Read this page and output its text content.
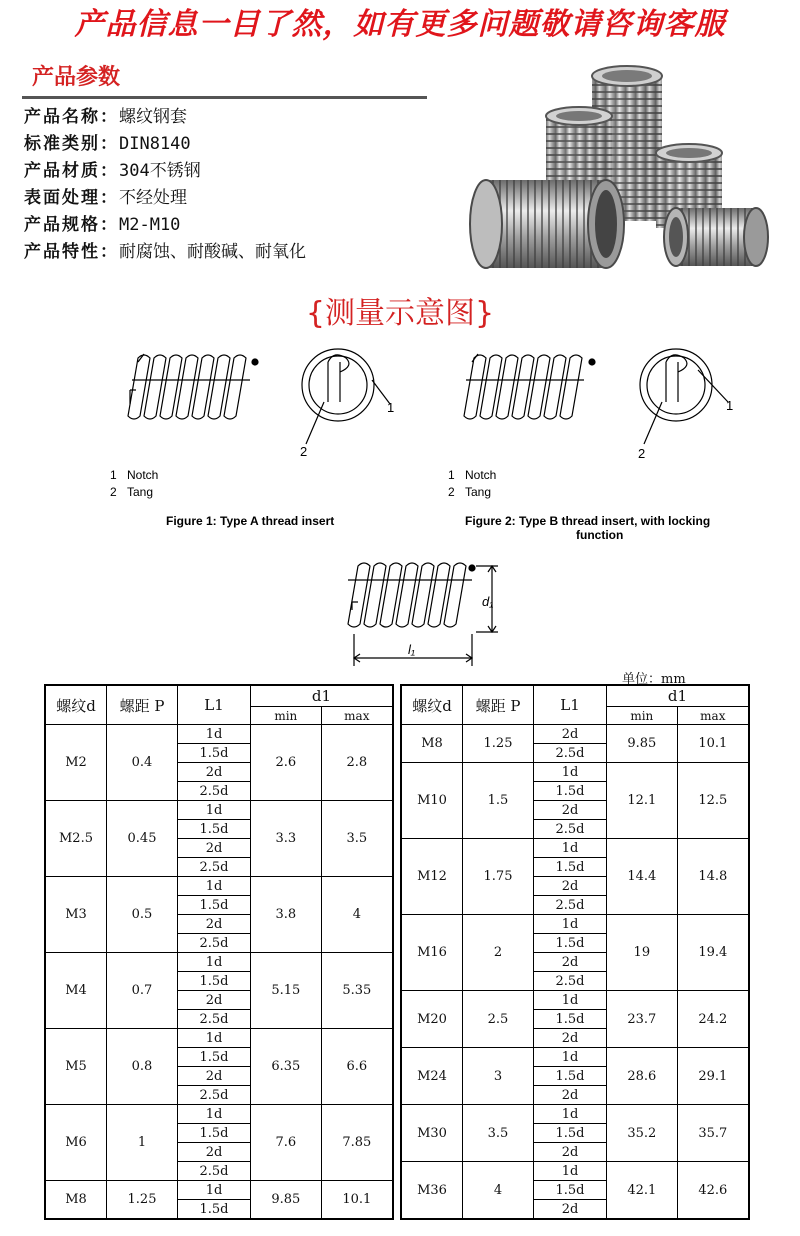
产品信息一目了然，如有更多问题敬请咨询客服
产品参数
产品名称：螺纹钢套
标准类别：DIN8140
产品材质：304不锈钢
表面处理：不经处理
产品规格：M2-M10
产品特性：耐腐蚀、耐酸碱、耐氧化
{测量示意图}
1
2
1
2
d₁
l₁
1 Notch
2 Tang
1 Notch
2 Tang
Figure 1: Type A thread insert	Figure 2: Type B thread insert, with locking
function
单位：mm
螺纹d	螺距 P	L1	d1	
			min	max
M2	0.4	1d	2.6	2.8
		1.5d		
		2d		
		2.5d		
M2.5	0.45	1d	3.3	3.5
		1.5d		
		2d		
		2.5d		
M3	0.5	1d	3.8	4
		1.5d		
		2d		
		2.5d		
M4	0.7	1d	5.15	5.35
		1.5d		
		2d		
		2.5d		
M5	0.8	1d	6.35	6.6
		1.5d		
		2d		
		2.5d		
M6	1	1d	7.6	7.85
		1.5d		
		2d		
		2.5d		
M8	1.25	1d	9.85	10.1
		1.5d		
螺纹d	螺距 P	L1	d1	
			min	max
M8	1.25	2d	9.85	10.1
		2.5d		
M10	1.5	1d	12.1	12.5
		1.5d		
		2d		
		2.5d		
M12	1.75	1d	14.4	14.8
		1.5d		
		2d		
		2.5d		
M16	2	1d	19	19.4
		1.5d		
		2d		
		2.5d		
M20	2.5	1d	23.7	24.2
		1.5d		
		2d		
M24	3	1d	28.6	29.1
		1.5d		
		2d		
M30	3.5	1d	35.2	35.7
		1.5d		
		2d		
M36	4	1d	42.1	42.6
		1.5d		
		2d		
